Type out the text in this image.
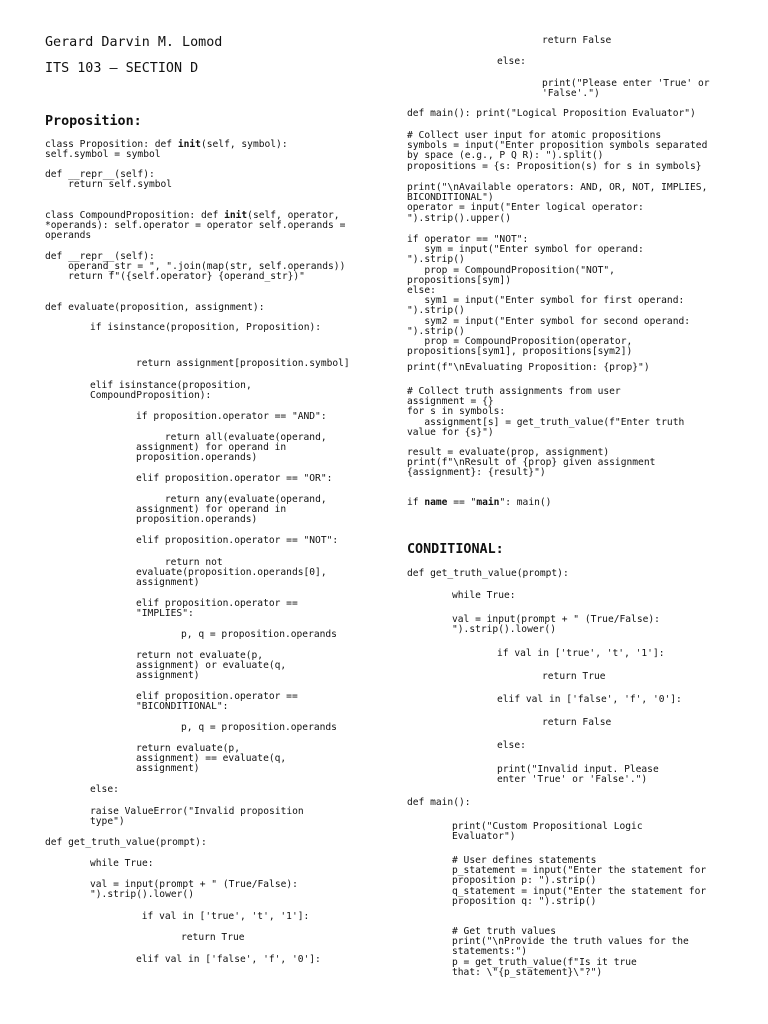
Gerard Darvin M. Lomod
ITS 103 — SECTION D
Proposition:
class Proposition: def init(self, symbol):
self.symbol = symbol
def __repr__(self):
return self.symbol
class CompoundProposition: def init(self, operator,
*operands): self.operator = operator self.operands =
operands
def __repr__(self):
operand_str = ", ".join(map(str, self.operands))
return f"({self.operator} {operand_str})"
def evaluate(proposition, assignment):
if isinstance(proposition, Proposition):
return assignment[proposition.symbol]
elif isinstance(proposition,
CompoundProposition):
if proposition.operator == "AND":
return all(evaluate(operand,
assignment) for operand in
proposition.operands)
elif proposition.operator == "OR":
return any(evaluate(operand,
assignment) for operand in
proposition.operands)
elif proposition.operator == "NOT":
return not
evaluate(proposition.operands[0],
assignment)
elif proposition.operator ==
"IMPLIES":
p, q = proposition.operands
return not evaluate(p,
assignment) or evaluate(q,
assignment)
elif proposition.operator ==
"BICONDITIONAL":
p, q = proposition.operands
return evaluate(p,
assignment) == evaluate(q,
assignment)
else:
raise ValueError("Invalid proposition
type")
def get_truth_value(prompt):
while True:
val = input(prompt + " (True/False):
").strip().lower()
if val in ['true', 't', '1']:
return True
elif val in ['false', 'f', '0']:
return False
else:
print("Please enter 'True' or
'False'.")
def main(): print("Logical Proposition Evaluator")
# Collect user input for atomic propositions
symbols = input("Enter proposition symbols separated
by space (e.g., P Q R): ").split()
propositions = {s: Proposition(s) for s in symbols}
print("\nAvailable operators: AND, OR, NOT, IMPLIES,
BICONDITIONAL")
operator = input("Enter logical operator:
").strip().upper()
if operator == "NOT":
sym = input("Enter symbol for operand:
").strip()
prop = CompoundProposition("NOT",
propositions[sym])
else:
sym1 = input("Enter symbol for first operand:
").strip()
sym2 = input("Enter symbol for second operand:
").strip()
prop = CompoundProposition(operator,
propositions[sym1], propositions[sym2])
print(f"\nEvaluating Proposition: {prop}")
# Collect truth assignments from user
assignment = {}
for s in symbols:
assignment[s] = get_truth_value(f"Enter truth
value for {s}")
result = evaluate(prop, assignment)
print(f"\nResult of {prop} given assignment
{assignment}: {result}")
if name == "main": main()
CONDITIONAL:
def get_truth_value(prompt):
while True:
val = input(prompt + " (True/False):
").strip().lower()
if val in ['true', 't', '1']:
return True
elif val in ['false', 'f', '0']:
return False
else:
print("Invalid input. Please
enter 'True' or 'False'.")
def main():
print("Custom Propositional Logic
Evaluator")
# User defines statements
p_statement = input("Enter the statement for
proposition p: ").strip()
q_statement = input("Enter the statement for
proposition q: ").strip()
# Get truth values
print("\nProvide the truth values for the
statements:")
p = get_truth_value(f"Is it true
that: \"{p_statement}\"?")
